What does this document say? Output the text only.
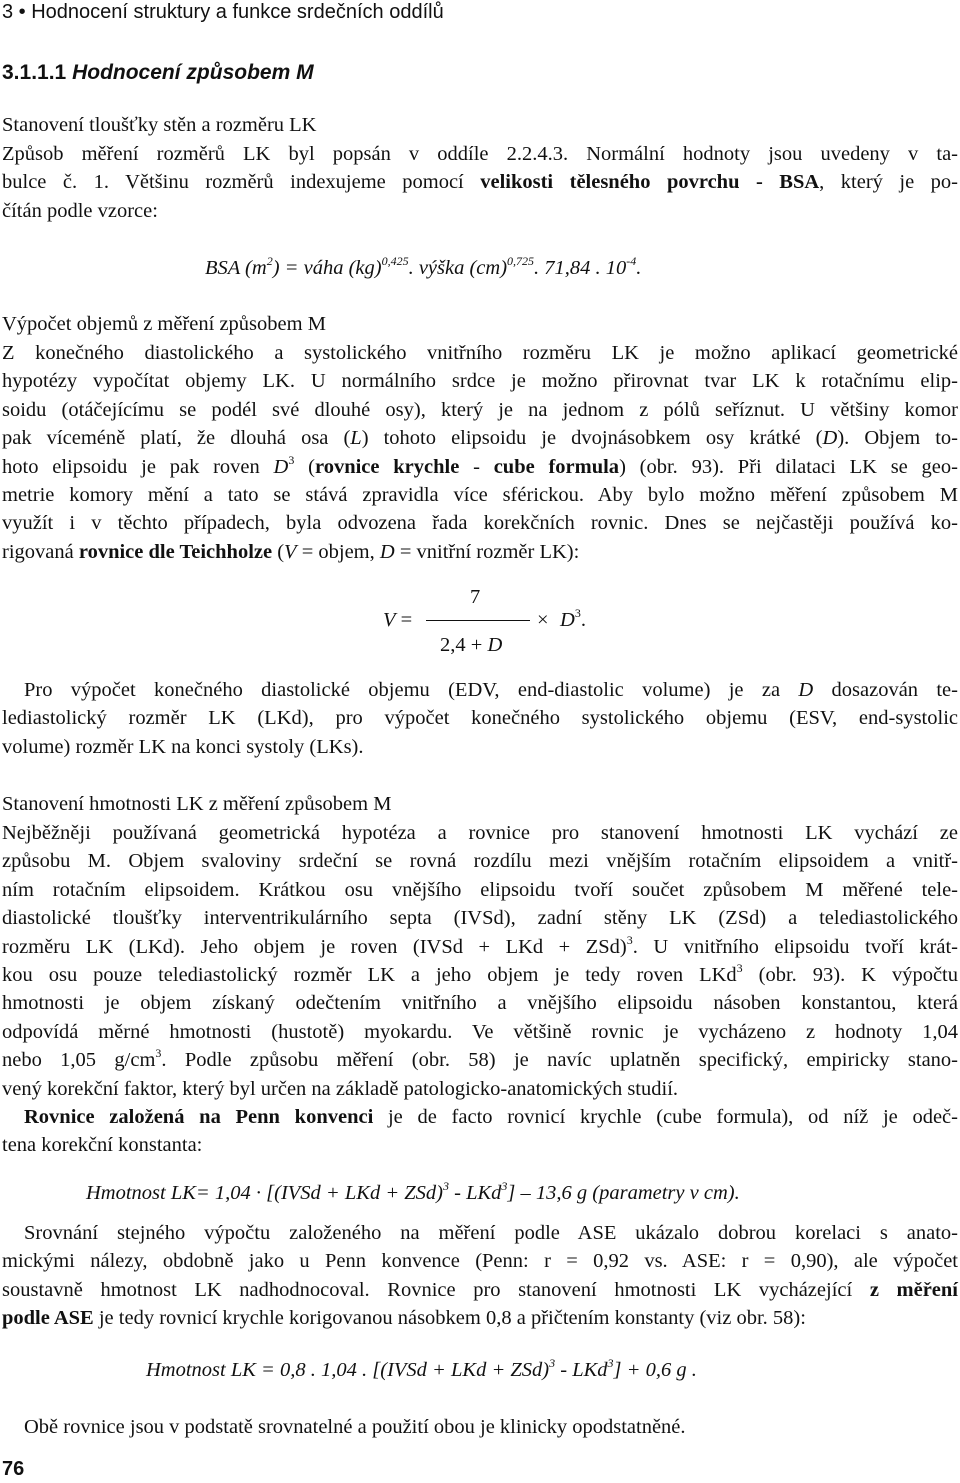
3 • Hodnocení struktury a funkce srdečních oddílů
3.1.1.1 Hodnocení způsobem M
Stanovení tloušťky stěn a rozměru LK
Způsob měření rozměrů LK byl popsán v oddíle 2.2.4.3. Normální hodnoty jsou uvedeny v ta-
bulce č. 1. Většinu rozměrů indexujeme pomocí velikosti tělesného povrchu - BSA, který je po-
čítán podle vzorce:
BSA $(m^2)$ = váha (kg)$^{0,425}$. výška (cm)$^{0,725}$. 71,84 . $10^{-4}$.
Výpočet objemů z měření způsobem M
Z konečného diastolického a systolického vnitřního rozměru LK je možno aplikací geometrické
hypotézy vypočítat objemy LK. U normálního srdce je možno přirovnat tvar LK k rotačnímu elip-
soidu (otáčejícímu se podél své dlouhé osy), který je na jednom z pólů seříznut. U většiny komor
pak víceméně platí, že dlouhá osa (L) tohoto elipsoidu je dvojnásobkem osy krátké (D). Objem to-
hoto elipsoidu je pak roven $D^3$ (rovnice krychle - cube formula) (obr. 93). Při dilataci LK se geo-
metrie komory mění a tato se stává zpravidla více sférickou. Aby bylo možno měření způsobem M
využít i v těchto případech, byla odvozena řada korekčních rovnic. Dnes se nejčastěji používá ko-
rigovaná rovnice dle Teichholze (V = objem, D = vnitřní rozměr LK):
V =
7
2,4 + D
× $D^3$.
Pro výpočet konečného diastolické objemu (EDV, end-diastolic volume) je za D dosazován te-
lediastolický rozměr LK (LKd), pro výpočet konečného systolického objemu (ESV, end-systolic
volume) rozměr LK na konci systoly (LKs).
Stanovení hmotnosti LK z měření způsobem M
Nejběžněji používaná geometrická hypotéza a rovnice pro stanovení hmotnosti LK vychází ze
způsobu M. Objem svaloviny srdeční se rovná rozdílu mezi vnějším rotačním elipsoidem a vnitř-
ním rotačním elipsoidem. Krátkou osu vnějšího elipsoidu tvoří součet způsobem M měřené tele-
diastolické tloušťky interventrikulárního septa (IVSd), zadní stěny LK (ZSd) a telediastolického
rozměru LK (LKd). Jeho objem je roven (IVSd + LKd + ZSd)$^3$. U vnitřního elipsoidu tvoří krát-
kou osu pouze telediastolický rozměr LK a jeho objem je tedy roven LKd$^3$ (obr. 93). K výpočtu
hmotnosti je objem získaný odečtením vnitřního a vnějšího elipsoidu násoben konstantou, která
odpovídá měrné hmotnosti (hustotě) myokardu. Ve většině rovnic je vycházeno z hodnoty 1,04
nebo 1,05 $g/cm^3$. Podle způsobu měření (obr. 58) je navíc uplatněn specifický, empiricky stano-
vený korekční faktor, který byl určen na základě patologicko-anatomických studií.
Rovnice založená na Penn konvenci je de facto rovnicí krychle (cube formula), od níž je odeč-
tena korekční konstanta:
Hmotnost LK= 1,04 · [(IVSd + LKd + ZSd)$^3$ - LKd$^3$] – 13,6 g (parametry v cm).
Srovnání stejného výpočtu založeného na měření podle ASE ukázalo dobrou korelaci s anato-
mickými nálezy, obdobně jako u Penn konvence (Penn: r = 0,92 vs. ASE: r = 0,90), ale výpočet
soustavně hmotnost LK nadhodnocoval. Rovnice pro stanovení hmotnosti LK vycházející z měření
podle ASE je tedy rovnicí krychle korigovanou násobkem 0,8 a přičtením konstanty (viz obr. 58):
Hmotnost LK = 0,8 . 1,04 . [(IVSd + LKd + ZSd)$^3$ - LKd$^3$] + 0,6 g .
Obě rovnice jsou v podstatě srovnatelné a použití obou je klinicky opodstatněné.
76
